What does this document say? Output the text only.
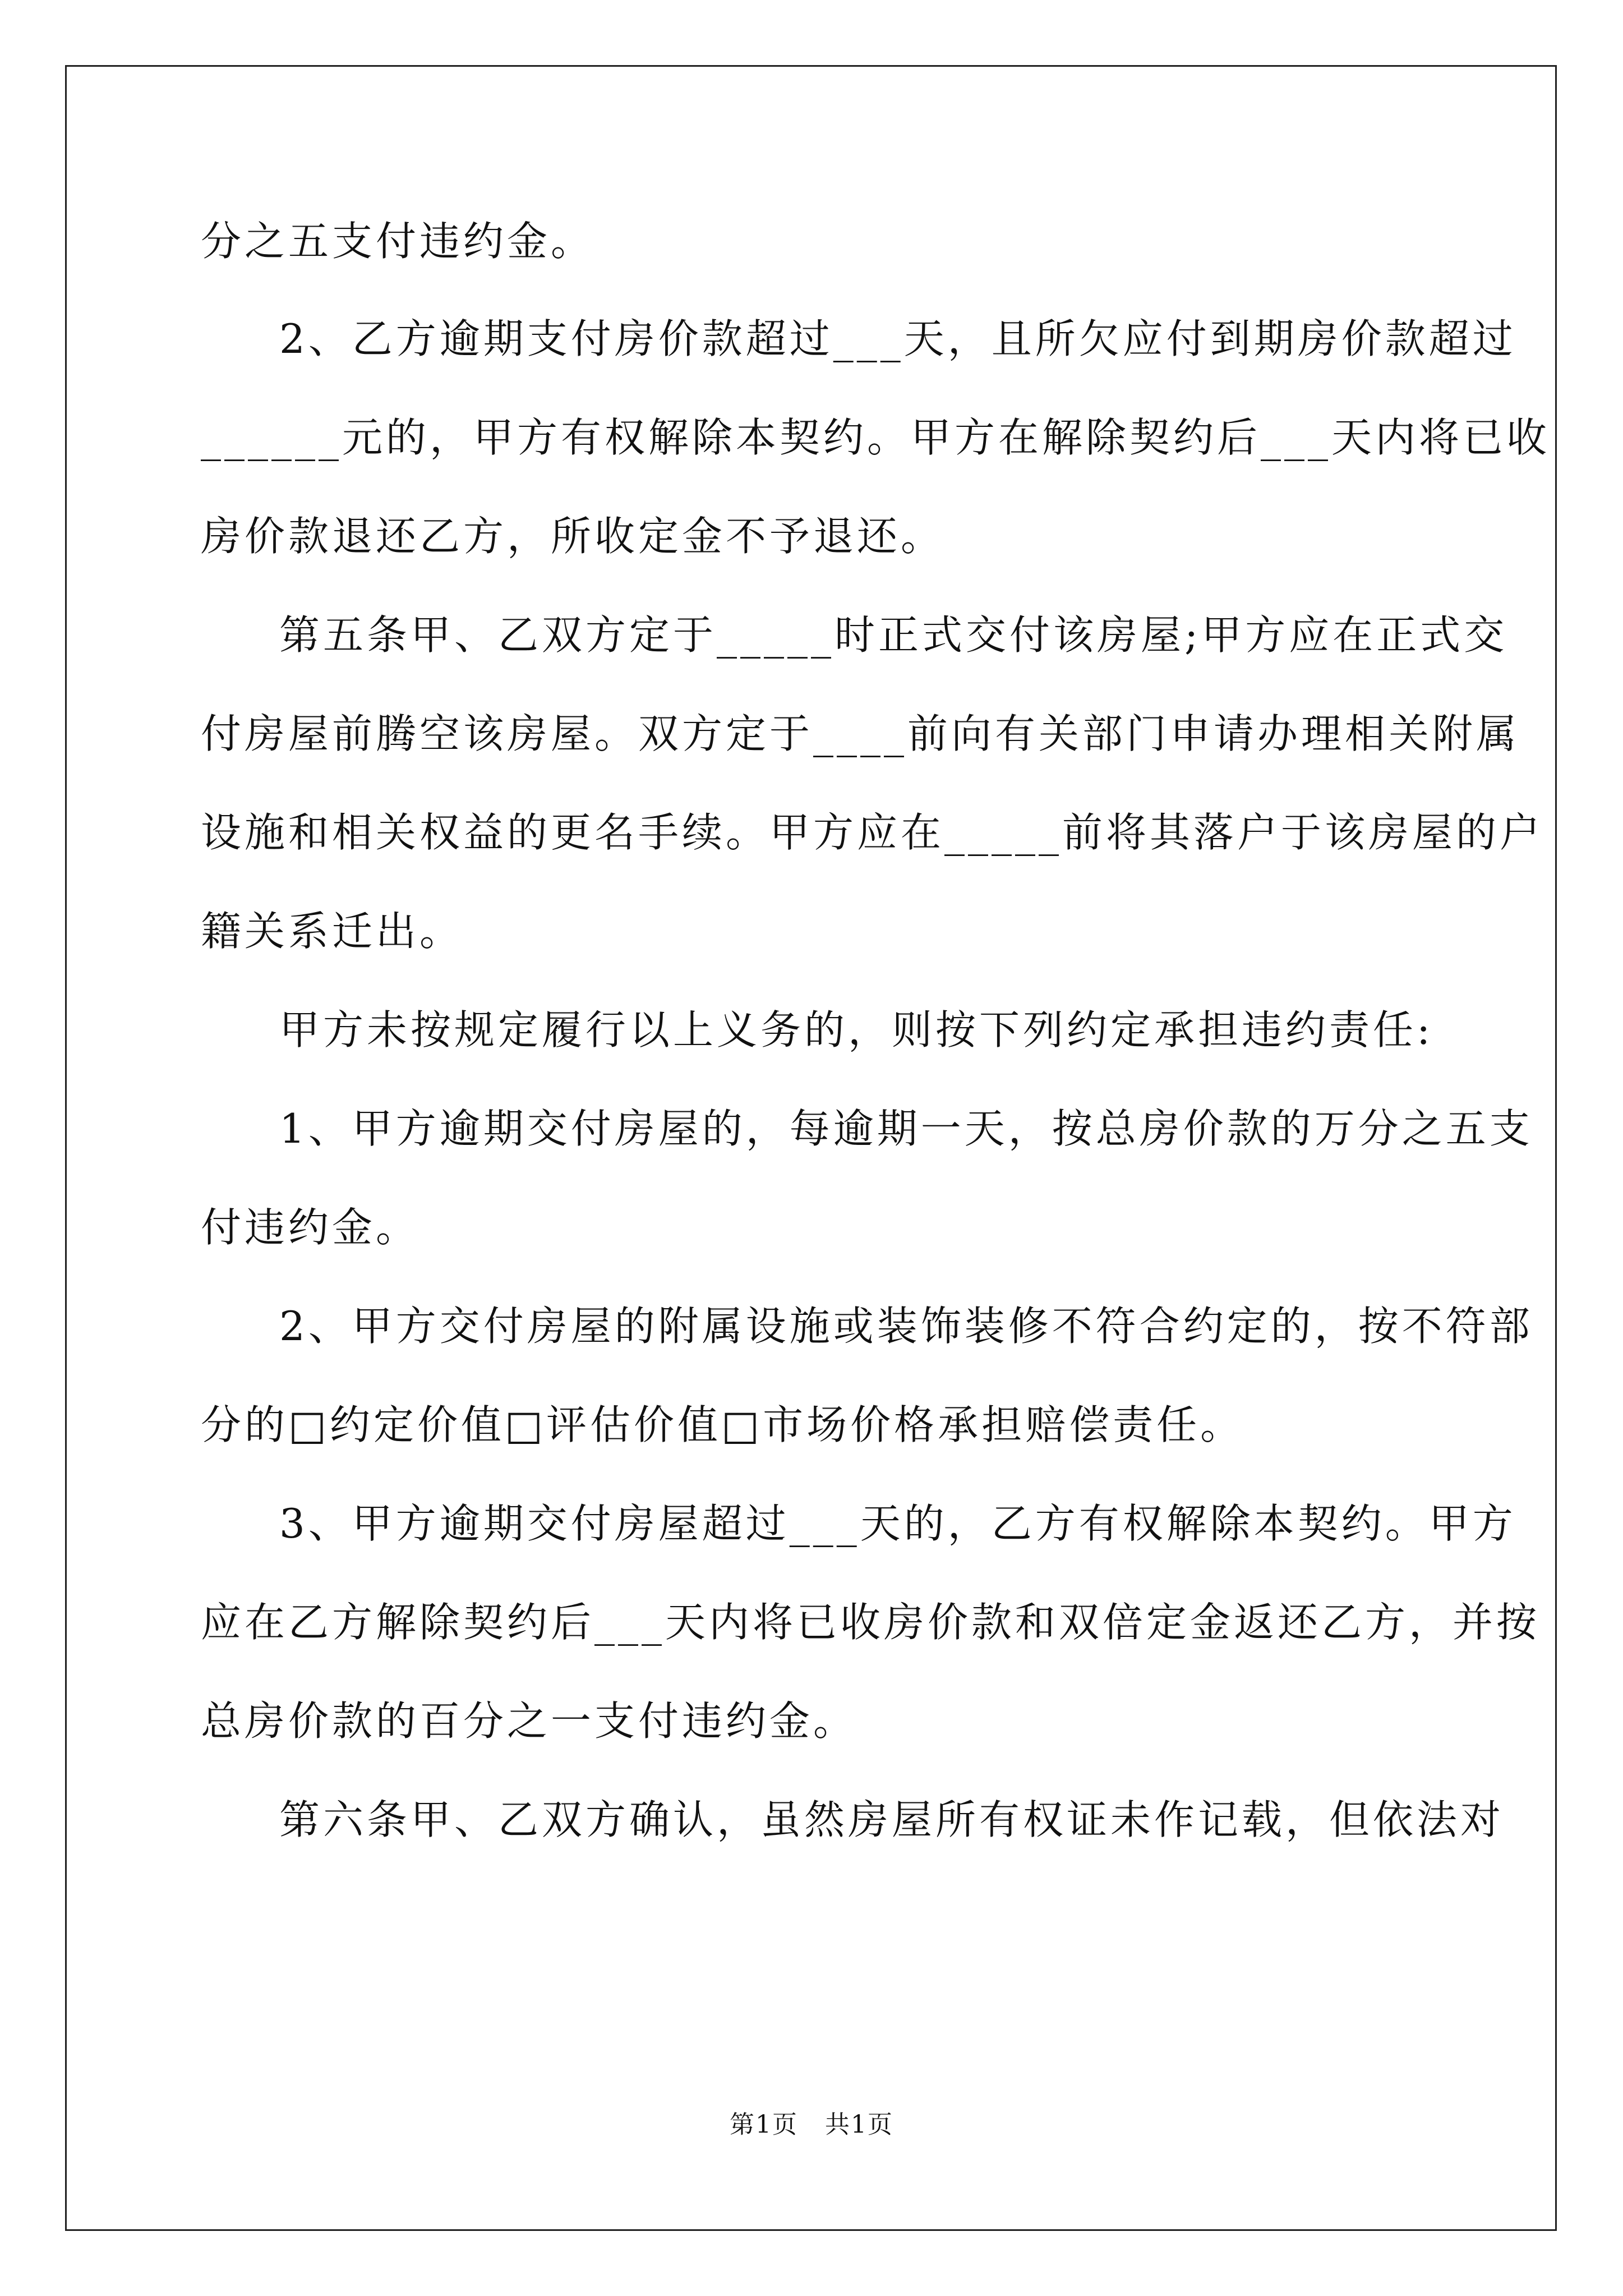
分之五支付违约金。
2、乙方逾期支付房价款超过___天，且所欠应付到期房价款超过
______元的，甲方有权解除本契约。甲方在解除契约后___天内将已收
房价款退还乙方，所收定金不予退还。
第五条甲、乙双方定于_____时正式交付该房屋;甲方应在正式交
付房屋前腾空该房屋。双方定于____前向有关部门申请办理相关附属
设施和相关权益的更名手续。甲方应在_____前将其落户于该房屋的户
籍关系迁出。
甲方未按规定履行以上义务的，则按下列约定承担违约责任:
1、甲方逾期交付房屋的，每逾期一天，按总房价款的万分之五支
付违约金。
2、甲方交付房屋的附属设施或装饰装修不符合约定的，按不符部
分的□约定价值□评估价值□市场价格承担赔偿责任。
3、甲方逾期交付房屋超过___天的，乙方有权解除本契约。甲方
应在乙方解除契约后___天内将已收房价款和双倍定金返还乙方，并按
总房价款的百分之一支付违约金。
第六条甲、乙双方确认，虽然房屋所有权证未作记载，但依法对
第1页   共1页
